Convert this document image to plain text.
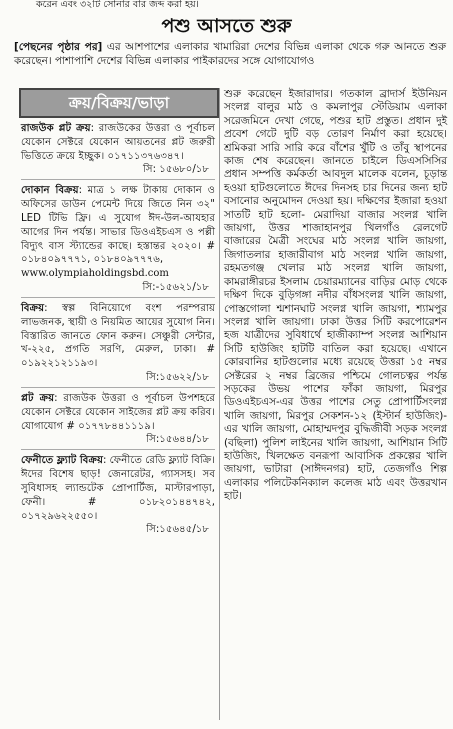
করেন এবং ৩২টি সোনার বার জব্দ করা হয়।
পশু আসতে শুরু
[পেছনের পৃষ্ঠার পর] এর আশপাশের এলাকার খামারিরা দেশের বিভিন্ন এলাকা থেকে গরু আনতে শুরু করেছেন। পাশাপাশি দেশের বিভিন্ন এলাকার পাইকারদের সঙ্গে যোগাযোগও
ক্রয়/বিক্রয়/ভাড়া
রাজউক প্লট ক্রয়: রাজউকের উত্তরা ও পূর্বাচল যেকোন সেক্টরে যেকোন আয়তনের প্লট জরুরী ভিত্তিতে ক্রয়ে ইচ্ছুক। ০১৭১১৩৭৬৩৪৭।
সি: ১৫৬৮০/১৮
দোকান বিক্রয়: মাত্র ১ লক্ষ টাকায় দোকান ও অফিসের ডাউন পেমেন্ট দিয়ে জিতে নিন ৩২" LED টিভি ফ্রি। এ সুযোগ ঈদ-উল-আযহার আগের দিন পর্যন্ত। সাভার ডিওএইচএস ও পল্লী বিদ্যুৎ বাস স্ট্যান্ডের কাছে। হস্তান্তর ২০২০। # ০১৮৪০৯৭৭৭১, ০১৮৪০৯৭৭৭৬,
www.olympiaholdingsbd.com
সি:-১৫৬২১/১৮
বিক্রয়: স্বল্প বিনিয়োগে বংশ পরম্পরায় লাভজনক, স্থায়ী ও নিয়মিত আয়ের সুযোগ নিন। বিস্তারিত জানতে ফোন করুন। সেঞ্চুরী সেন্টার, খ-২২৫, প্রগতি সরণি, মেরুল, ঢাকা। # ০১৯২২১২১১৯৩।
সি:১৫৬২২/১৮
প্লট ক্রয়: রাজউক উত্তরা ও পূর্বাচল উপশহরে যেকোন সেক্টরে যেকোন সাইজের প্লট ক্রয় করিব। যোগাযোগ # ০১৭৭৮৪৪১১১৯।
সি:১৫৬৪৪/১৮
ফেনীতে ফ্ল্যাট বিক্রয়: ফেনীতে রেডি ফ্ল্যাট বিক্রি। ঈদের বিশেষ ছাড়! জেনারেটর, গ্যাসসহ। সব সুবিধাসহ ল্যান্ডটেক প্রোপার্টিজ, মাস্টারপাড়া, ফেনী। # ০১৮২০১৪৪৭৪২, ০১৭২৯৬২২৫৫০।
সি:১৫৬৪৫/১৮
শুরু করেছেন ইজারাদার। গতকাল ব্রাদার্স ইউনিয়ন সংলগ্ন বালুর মাঠ ও কমলাপুর স্টেডিয়াম এলাকা সরেজমিনে দেখা গেছে, পশুর হাট প্রস্তুত। প্রধান দুই প্রবেশ গেটে দুটি বড় তোরণ নির্মাণ করা হয়েছে। শ্রমিকরা সারি সারি করে বাঁশের খুঁটি ও তাঁবু স্থাপনের কাজ শেষ করেছেন। জানতে চাইলে ডিএসসিসির প্রধান সম্পত্তি কর্মকর্তা আবদুল মালেক বলেন, চূড়ান্ত হওয়া হাটগুলোতে ঈদের দিনসহ চার দিনের জন্য হাট বসানোর অনুমোদন দেওয়া হয়। দক্ষিণের ইজারা হওয়া সাতটি হাট হলো- মেরাদিয়া বাজার সংলগ্ন খালি জায়গা, উত্তর শাজাহানপুর খিলগাঁও রেলগেট বাজারের মৈত্রী সংঘের মাঠ সংলগ্ন খালি জায়গা, জিগাতলার হাজারীবাগ মাঠ সংলগ্ন খালি জায়গা, রহমতগঞ্জ খেলার মাঠ সংলগ্ন খালি জায়গা, কামরাঙ্গীরচর ইসলাম চেয়ারম্যানের বাড়ির মোড় থেকে দক্ষিণ দিকে বুড়িগঙ্গা নদীর বাঁধসংলগ্ন খালি জায়গা, পোস্তগোলা শ্মশানঘাট সংলগ্ন খালি জায়গা, শ্যামপুর সংলগ্ন খালি জায়গা। ঢাকা উত্তর সিটি করপোরেশন হজ যাত্রীদের সুবিধার্থে হাজীক্যাম্প সংলগ্ন আশিয়ান সিটি হাউজিং হাটটি বাতিল করা হয়েছে। এখানে কোরবানির হাটগুলোর মধ্যে রয়েছে উত্তরা ১৫ নম্বর সেক্টরের ২ নম্বর ব্রিজের পশ্চিমে গোলচত্বর পর্যন্ত সড়কের উভয় পাশের ফাঁকা জায়গা, মিরপুর ডিওএইচএস-এর উত্তর পাশের সেতু প্রোপার্টিসংলগ্ন খালি জায়গা, মিরপুর সেকশন-১২ (ইস্টার্ন হাউজিং)-এর খালি জায়গা, মোহাম্মদপুর বুদ্ধিজীবী সড়ক সংলগ্ন (বছিলা) পুলিশ লাইনের খালি জায়গা, আশিয়ান সিটি হাউজিং, খিলক্ষেত বনরূপা আবাসিক প্রকল্পের খালি জায়গা, ভাটারা (সাঈদনগর) হাট, তেজগাঁও শিল্প এলাকার পলিটেকনিক্যাল কলেজ মাঠ এবং উত্তরখান হাট।
